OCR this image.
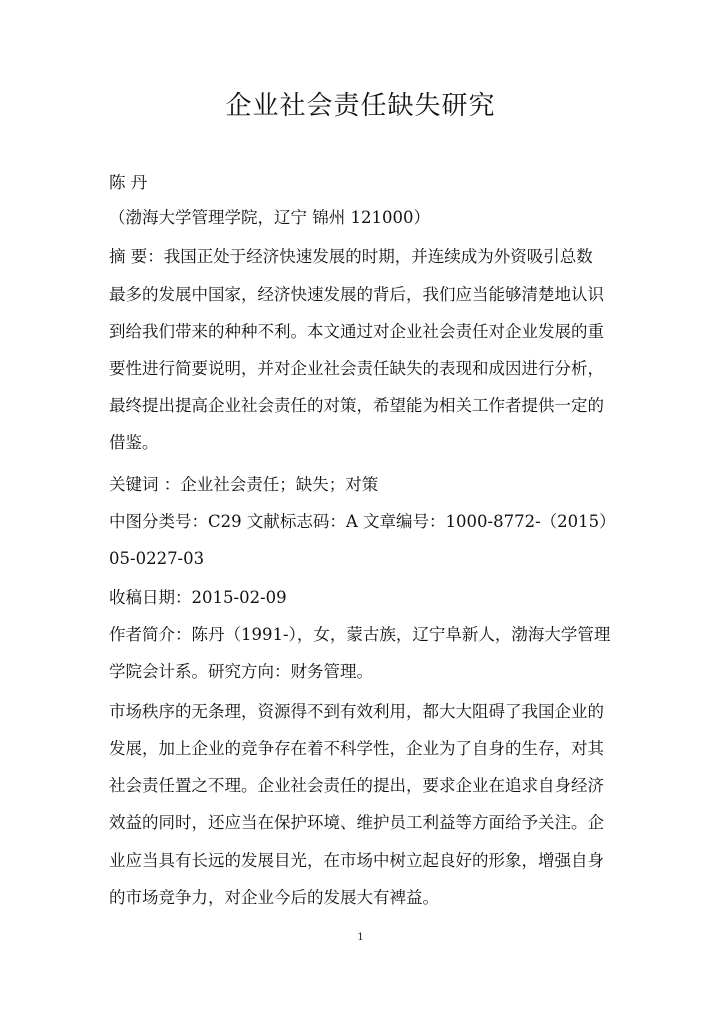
企业社会责任缺失研究
陈 丹
（渤海大学管理学院，辽宁 锦州 121000）
摘 要：我国正处于经济快速发展的时期，并连续成为外资吸引总数
最多的发展中国家，经济快速发展的背后，我们应当能够清楚地认识
到给我们带来的种种不利。本文通过对企业社会责任对企业发展的重
要性进行简要说明，并对企业社会责任缺失的表现和成因进行分析，
最终提出提高企业社会责任的对策，希望能为相关工作者提供一定的
借鉴。
关键词 ：企业社会责任；缺失；对策
中图分类号：C29 文献标志码：A 文章编号：1000-8772-（2015）
05-0227-03
收稿日期：2015-02-09
作者简介：陈丹（1991-），女，蒙古族，辽宁阜新人，渤海大学管理
学院会计系。研究方向：财务管理。
市场秩序的无条理，资源得不到有效利用，都大大阻碍了我国企业的
发展，加上企业的竞争存在着不科学性，企业为了自身的生存，对其
社会责任置之不理。企业社会责任的提出，要求企业在追求自身经济
效益的同时，还应当在保护环境、维护员工利益等方面给予关注。企
业应当具有长远的发展目光，在市场中树立起良好的形象，增强自身
的市场竞争力，对企业今后的发展大有裨益。
1
